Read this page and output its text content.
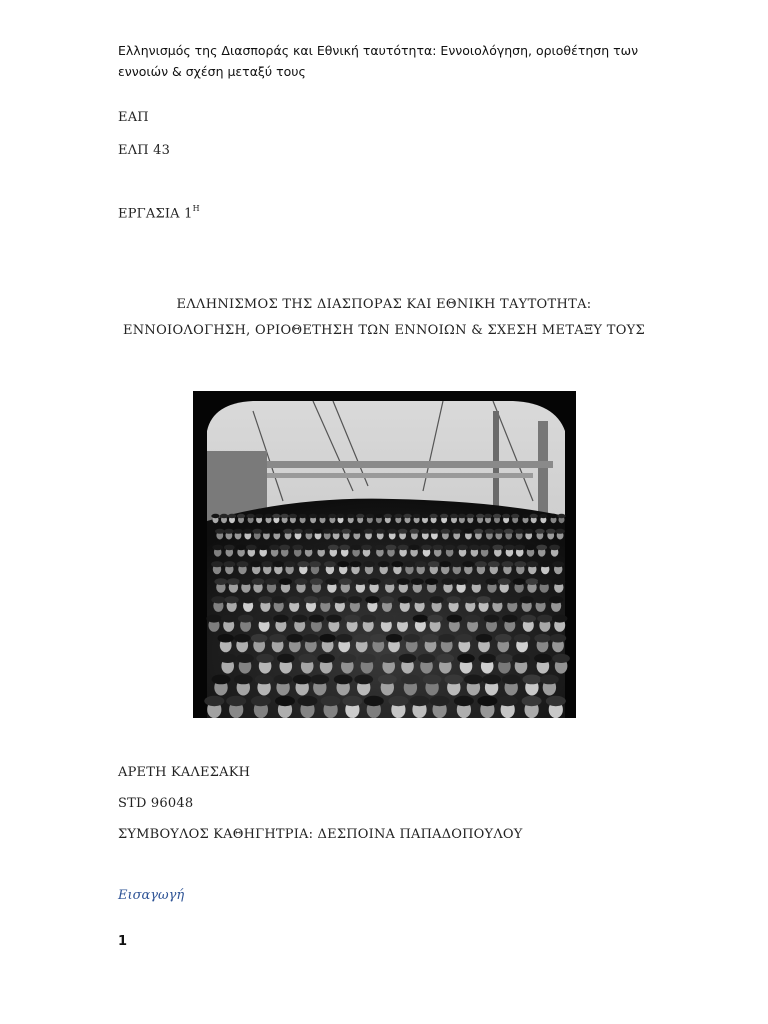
Ελληνισμός της Διασποράς και Εθνική ταυτότητα: Εννοιολόγηση, οριοθέτηση των εννοιών & σχέση μεταξύ τους
ΕΑΠ
ΕΛΠ 43
ΕΡΓΑΣΙΑ $1^H$
ΕΛΛΗΝΙΣΜΟΣ ΤΗΣ ΔΙΑΣΠΟΡΑΣ ΚΑΙ ΕΘΝΙΚΗ ΤΑΥΤΟΤΗΤΑ:
ΕΝΝΟΙΟΛΟΓΗΣΗ, ΟΡΙΟΘΕΤΗΣΗ ΤΩΝ ΕΝΝΟΙΩΝ & ΣΧΕΣΗ ΜΕΤΑΞΥ ΤΟΥΣ
ΑΡΕΤΗ ΚΑΛΕΣΑΚΗ
STD 96048
ΣΥΜΒΟΥΛΟΣ ΚΑΘΗΓΗΤΡΙΑ: ΔΕΣΠΟΙΝΑ ΠΑΠΑΔΟΠΟΥΛΟΥ
Εισαγωγή
1
